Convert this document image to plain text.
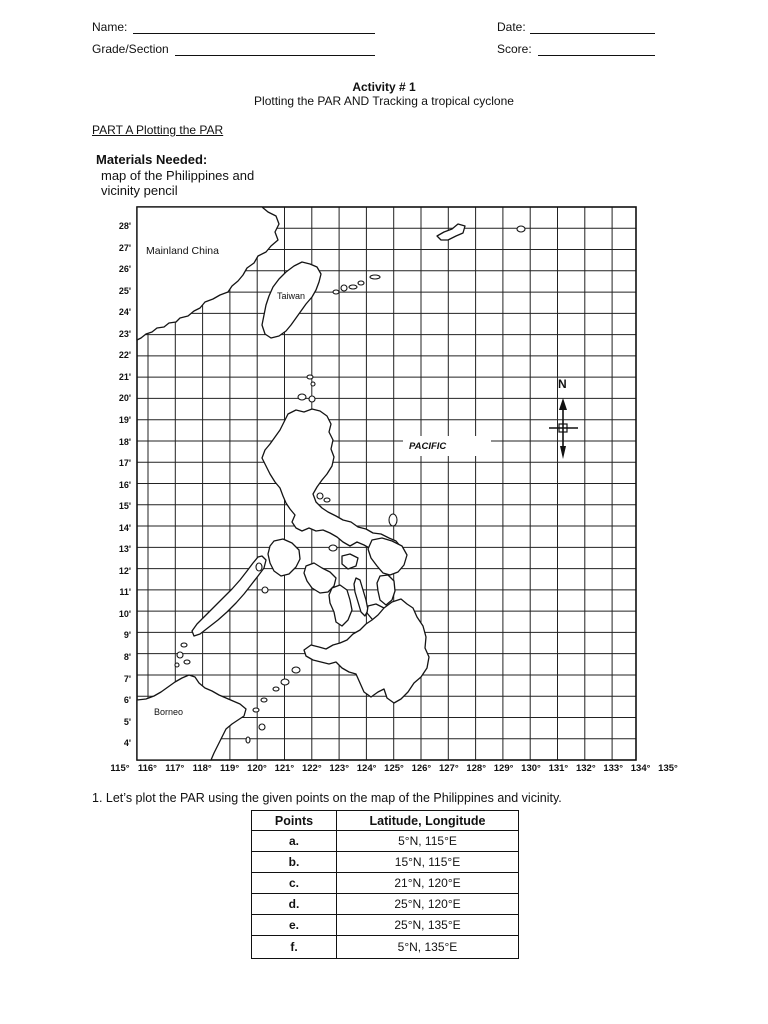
Name:	Date:
Grade/Section	Score:
Activity # 1
Plotting the PAR AND Tracking a tropical cyclone
PART A Plotting the PAR
Materials Needed:
map of the Philippines and
vicinity pencil
Mainland China
Taiwan
PACIFIC
Borneo
N
28'
27'
26'
25'
24'
23'
22'
21'
20'
19'
18'
17'
16'
15'
14'
13'
12'
11'
10'
9'
8'
7'
6'
5'
4'
115° 116° 117° 118° 119° 120° 121° 122° 123° 124° 125° 126° 127° 128° 129° 130° 131° 132° 133° 134° 135°
1. Let’s plot the PAR using the given points on the map of the Philippines and vicinity.
Points	Latitude, Longitude
a.	5°N, 115°E
b.	15°N, 115°E
c.	21°N, 120°E
d.	25°N, 120°E
e.	25°N, 135°E
f.	5°N, 135°E
